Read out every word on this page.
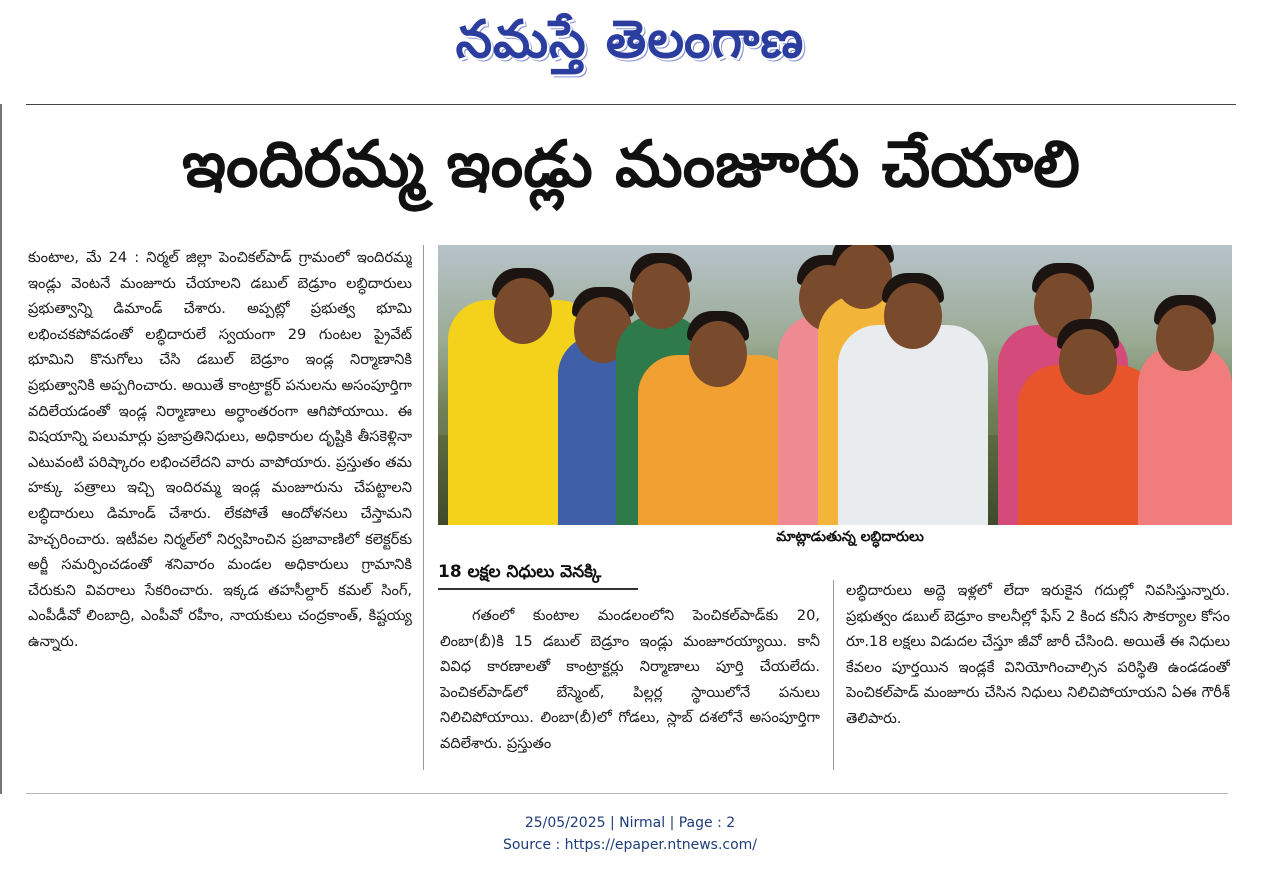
నమస్తే తెలంగాణ
ఇందిరమ్మ ఇండ్లు మంజూరు చేయాలి
కుంటాల, మే 24 : నిర్మల్ జిల్లా పెంచికల్‌పాడ్ గ్రామంలో ఇందిరమ్మ ఇండ్లు వెంటనే మంజూరు చేయాలని డబుల్ బెడ్రూం లబ్ధిదారులు ప్రభుత్వాన్ని డిమాండ్ చేశారు. అప్పట్లో ప్రభుత్వ భూమి లభించకపోవడంతో లబ్ధిదారులే స్వయంగా 29 గుంటల ప్రైవేట్ భూమిని కొనుగోలు చేసి డబుల్ బెడ్రూం ఇండ్ల నిర్మాణానికి ప్రభుత్వానికి అప్పగించారు. అయితే కాంట్రాక్టర్ పనులను అసంపూర్తిగా వదిలేయడంతో ఇండ్ల నిర్మాణాలు అర్ధాంతరంగా ఆగిపోయాయి. ఈ విషయాన్ని పలుమార్లు ప్రజాప్రతినిధులు, అధికారుల దృష్టికి తీసకెళ్లినా ఎటువంటి పరిష్కారం లభించలేదని వారు వాపోయారు. ప్రస్తుతం తమ హక్కు పత్రాలు ఇచ్చి ఇందిరమ్మ ఇండ్ల మంజూరును చేపట్టాలని లబ్ధిదారులు డిమాండ్ చేశారు. లేకపోతే ఆందోళనలు చేస్తామని హెచ్చరించారు. ఇటీవల నిర్మల్‌లో నిర్వహించిన ప్రజావాణిలో కలెక్టర్‌కు అర్జీ సమర్పించడంతో శనివారం మండల అధికారులు గ్రామానికి చేరుకుని వివరాలు సేకరించారు. ఇక్కడ తహసీల్దార్ కమల్ సింగ్, ఎంపీడీవో లింబాద్రి, ఎంపీవో రహీం, నాయకులు చంద్రకాంత్, కిష్టయ్య ఉన్నారు.
మాట్లాడుతున్న లబ్ధిదారులు
18 లక్షల నిధులు వెనక్కి
గతంలో కుంటాల మండలంలోని పెంచికల్‌పాడ్‌కు 20, లింబా(బీ)కి 15 డబుల్ బెడ్రూం ఇండ్లు మంజూరయ్యాయి. కానీ వివిధ కారణాలతో కాంట్రాక్టర్లు నిర్మాణాలు పూర్తి చేయలేదు. పెంచికల్‌పాడ్‌లో బేస్మెంట్, పిల్లర్ల స్థాయిలోనే పనులు నిలిచిపోయాయి. లింబా(బీ)లో గోడలు, స్లాబ్ దశలోనే అసంపూర్తిగా వదిలేశారు. ప్రస్తుతం
లబ్ధిదారులు అద్దె ఇళ్లలో లేదా ఇరుకైన గదుల్లో నివసిస్తున్నారు. ప్రభుత్వం డబుల్ బెడ్రూం కాలనీల్లో ఫేస్ 2 కింద కనీస సౌకర్యాల కోసం రూ.18 లక్షలు విడుదల చేస్తూ జీవో జారీ చేసింది. అయితే ఈ నిధులు కేవలం పూర్తయిన ఇండ్లకే వినియోగించాల్సిన పరిస్థితి ఉండడంతో పెంచికల్‌పాడ్ మంజూరు చేసిన నిధులు నిలిచిపోయాయని ఏఈ గౌరీశ్ తెలిపారు.
25/05/2025 | Nirmal | Page : 2
Source : https://epaper.ntnews.com/
